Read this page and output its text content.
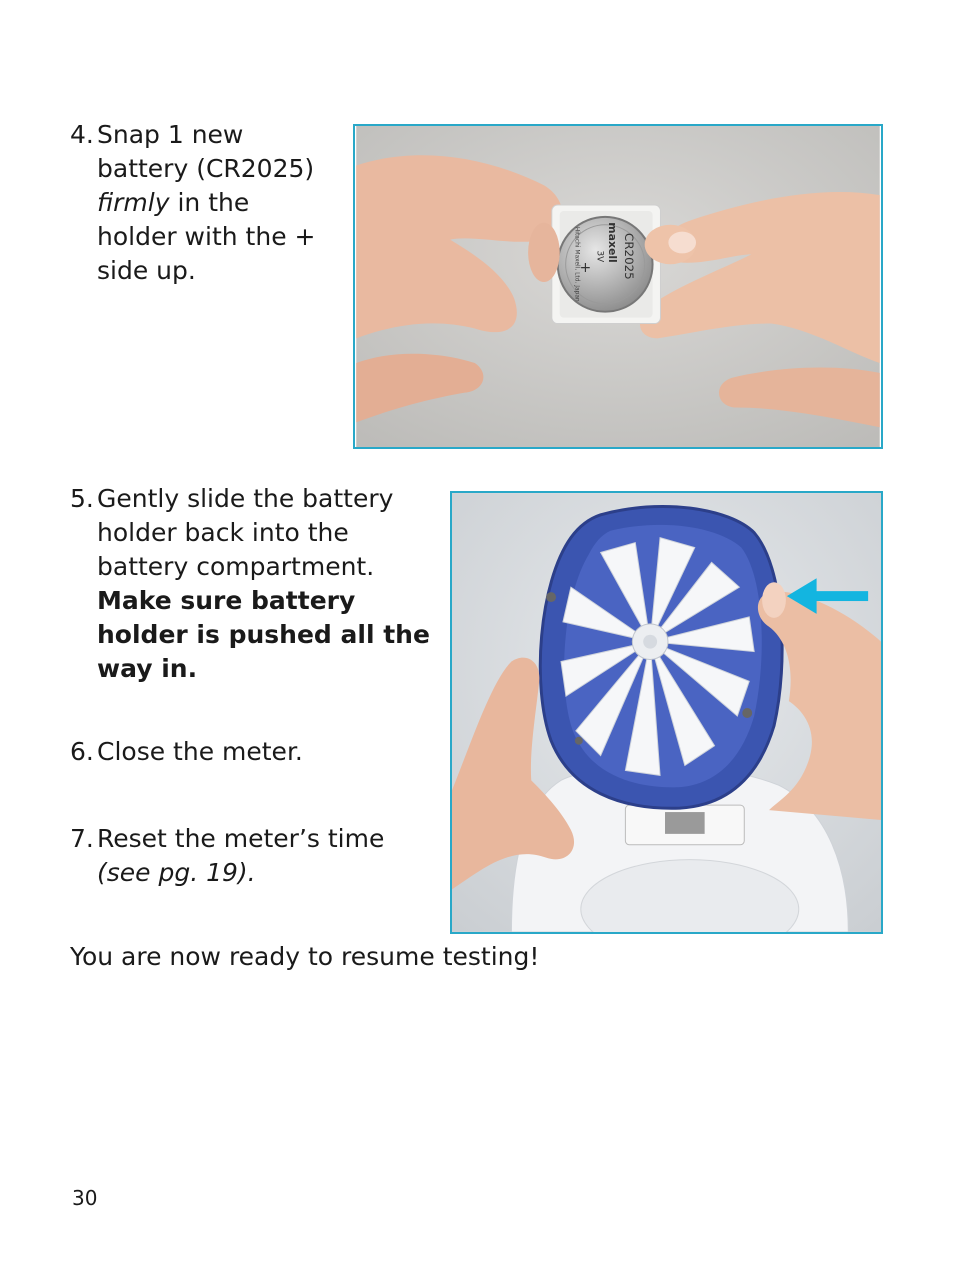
4. Snap 1 new
battery (CR2025)
firmly in the
holder with the +
side up.
maxell CR2025
3V
+
Hitachi Maxell, Ltd. Japan
5. Gently slide the battery
holder back into the
battery compartment.
Make sure battery
holder is pushed all the
way in.
6. Close the meter.
7. Reset the meter’s time
(see pg. 19).
You are now ready to resume testing!
30
